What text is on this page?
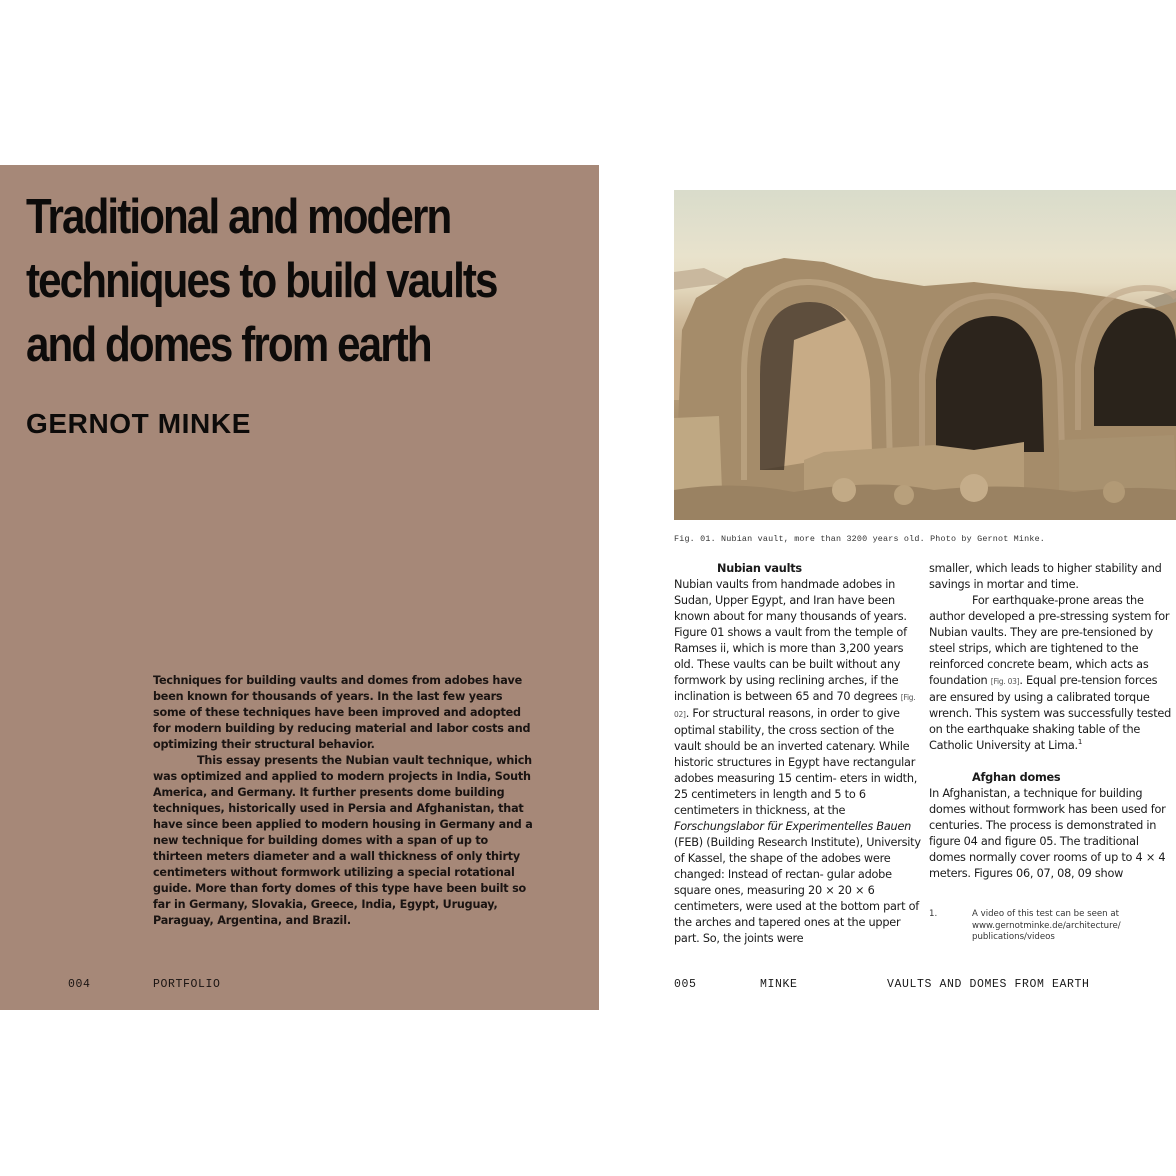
Traditional and modern
techniques to build vaults
and domes from earth
GERNOT MINKE

Techniques for building vaults and domes from adobes have been known for thousands of years. In the last few years some of these techniques have been improved and adopted for modern building by reducing material and labor costs and optimizing their structural behavior.

This essay presents the Nubian vault technique, which was optimized and applied to modern projects in India, South America, and Germany. It further presents dome building techniques, historically used in Persia and Afghanistan, that have since been applied to modern housing in Germany and a new technique for building domes with a span of up to thirteen meters diameter and a wall thickness of only thirty centimeters without formwork utilizing a special rotational guide. More than forty domes of this type have been built so far in Germany, Slovakia, Greece, India, Egypt, Uruguay, Paraguay, Argentina, and Brazil.

004	PORTFOLIO
Fig. 01. Nubian vault, more than 3200 years old. Photo by Gernot Minke.

Nubian vaults

Nubian vaults from handmade adobes in Sudan, Upper Egypt, and Iran have been known about for many thousands of years. Figure 01 shows a vault from the temple of Ramses ii, which is more than 3,200 years old. These vaults can be built without any formwork by using reclining arches, if the inclination is between 65 and 70 degrees [Fig. 02]. For structural reasons, in order to give optimal stability, the cross section of the vault should be an inverted catenary. While historic structures in Egypt have rectangular adobes measuring 15 centim- eters in width, 25 centimeters in length and 5 to 6 centimeters in thickness, at the Forschungslabor für Experimentelles Bauen (FEB) (Building Research Institute), University of Kassel, the shape of the adobes were changed: Instead of rectan- gular adobe square ones, measuring 20 × 20 × 6 centimeters, were used at the bottom part of the arches and tapered ones at the upper part. So, the joints were

smaller, which leads to higher stability and savings in mortar and time.

For earthquake-prone areas the author developed a pre-stressing system for Nubian vaults. They are pre-tensioned by steel strips, which are tightened to the reinforced concrete beam, which acts as foundation [Fig. 03]. Equal pre-tension forces are ensured by using a calibrated torque wrench. This system was successfully tested on the earthquake shaking table of the Catholic University at Lima.$^1$

Afghan domes

In Afghanistan, a technique for building domes without formwork has been used for centuries. The process is demonstrated in figure 04 and figure 05. The traditional domes normally cover rooms of up to 4 × 4 meters. Figures 06, 07, 08, 09 show

1.	A video of this test can be seen at www.gernotminke.de/architecture/ publications/videos
005	MINKE	VAULTS AND DOMES FROM EARTH
